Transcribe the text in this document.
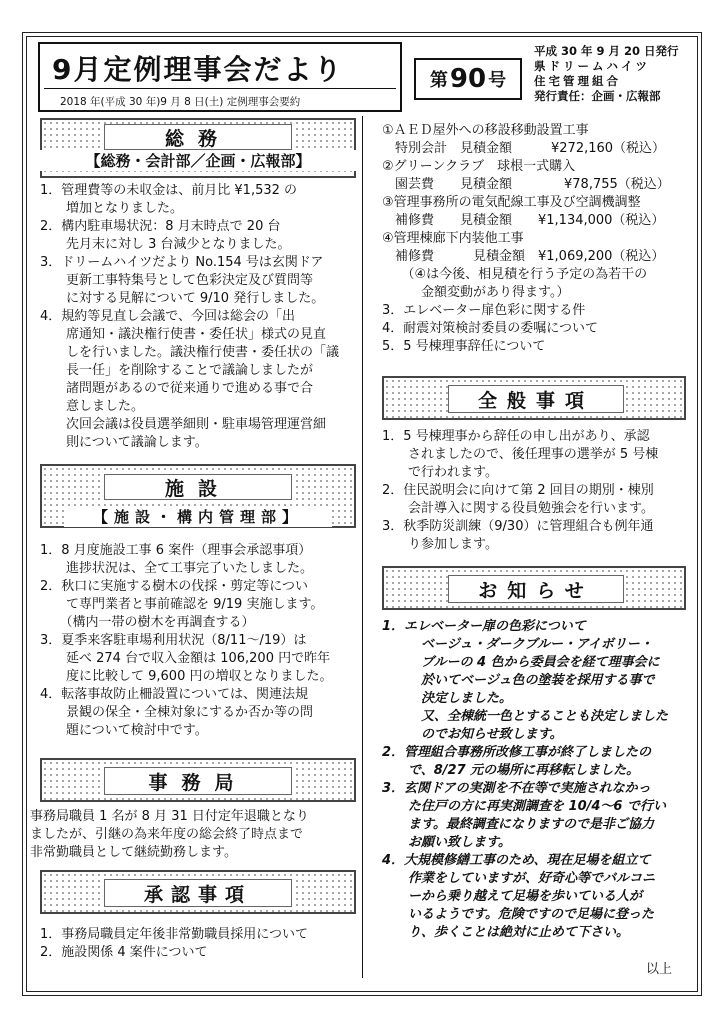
9月定例理事会だより
2018 年(平成 30 年)9 月 8 日(土) 定例理事会要約
第 90 号
平成 30 年 9 月 20 日発行
県ドリームハイツ
住宅管理組合
発行責任：企画・広報部
総務
【総務・会計部／企画・広報部】
1．管理費等の未収金は、前月比 ¥1,532 の
　　増加となりました。
2．構内駐車場状況：8 月末時点で 20 台
　　先月末に対し 3 台減少となりました。
3．ドリームハイツだより No.154 号は玄関ドア
　　更新工事特集号として色彩決定及び質問等
　　に対する見解について 9/10 発行しました。
4．規約等見直し会議で、今回は総会の「出
　　席通知・議決権行使書・委任状」様式の見直
　　しを行いました。議決権行使書・委任状の「議
　　長一任」を削除することで議論しましたが
　　諸問題があるので従来通りで進める事で合
　　意しました。
　　次回会議は役員選挙細則・駐車場管理運営細
　　則について議論します。
施設
【施設・構内管理部】
1．8 月度施設工事 6 案件（理事会承認事項）
　　進捗状況は、全て工事完了いたしました。
2．秋口に実施する樹木の伐採・剪定等につい
　　て専門業者と事前確認を 9/19 実施します。
　　（構内一帯の樹木を再調査する）
3．夏季来客駐車場利用状況（8/11～/19）は
　　延べ 274 台で収入金額は 106,200 円で昨年
　　度に比較して 9,600 円の増収となりました。
4．転落事故防止柵設置については、関連法規
　　景観の保全・全棟対象にするか否か等の問
　　題について検討中です。
事務局
事務局職員 1 名が 8 月 31 日付定年退職となり
ましたが、引継の為来年度の総会終了時点まで
非常勤職員として継続勤務します。
承認事項
1．事務局職員定年後非常勤職員採用について
2．施設関係 4 案件について
①ＡＥＤ屋外への移設移動設置工事
　特別会計　見積金額　　　¥272,160（税込）
②グリーンクラブ　球根一式購入
　園芸費　　見積金額　　　　¥78,755（税込）
③管理事務所の電気配線工事及び空調機調整
　補修費　　見積金額　　¥1,134,000（税込）
④管理棟廊下内装他工事
　補修費　　　見積金額　¥1,069,200（税込）
　　（④は今後、相見積を行う予定の為若干の
　　　金額変動があり得ます。）
3．エレベーター扉色彩に関する件
4．耐震対策検討委員の委嘱について
5．5 号棟理事辞任について
全般事項
1．5 号棟理事から辞任の申し出があり、承認
　　されましたので、後任理事の選挙が 5 号棟
　　で行われます。
2．住民説明会に向けて第 2 回目の期別・棟別
　　会計導入に関する役員勉強会を行います。
3．秋季防災訓練（9/30）に管理組合も例年通
　　り参加します。
お知らせ
1．エレベーター扉の色彩について
　　　ベージュ・ダークブルー・アイボリー・
　　　ブルーの 4 色から委員会を経て理事会に
　　　於いてベージュ色の塗装を採用する事で
　　　決定しました。
　　　又、全棟統一色とすることも決定しました
　　　のでお知らせ致します。
2．管理組合事務所改修工事が終了しましたの
　　で、8/27 元の場所に再移転しました。
3．玄関ドアの実測を不在等で実施されなかっ
　　た住戸の方に再実測調査を 10/4～6 で行い
　　ます。最終調査になりますので是非ご協力
　　お願い致します。
4．大規模修繕工事のため、現在足場を組立て
　　作業をしていますが、好奇心等でバルコニ
　　ーから乗り越えて足場を歩いている人が
　　いるようです。危険ですので足場に登った
　　り、歩くことは絶対に止めて下さい。
以上
